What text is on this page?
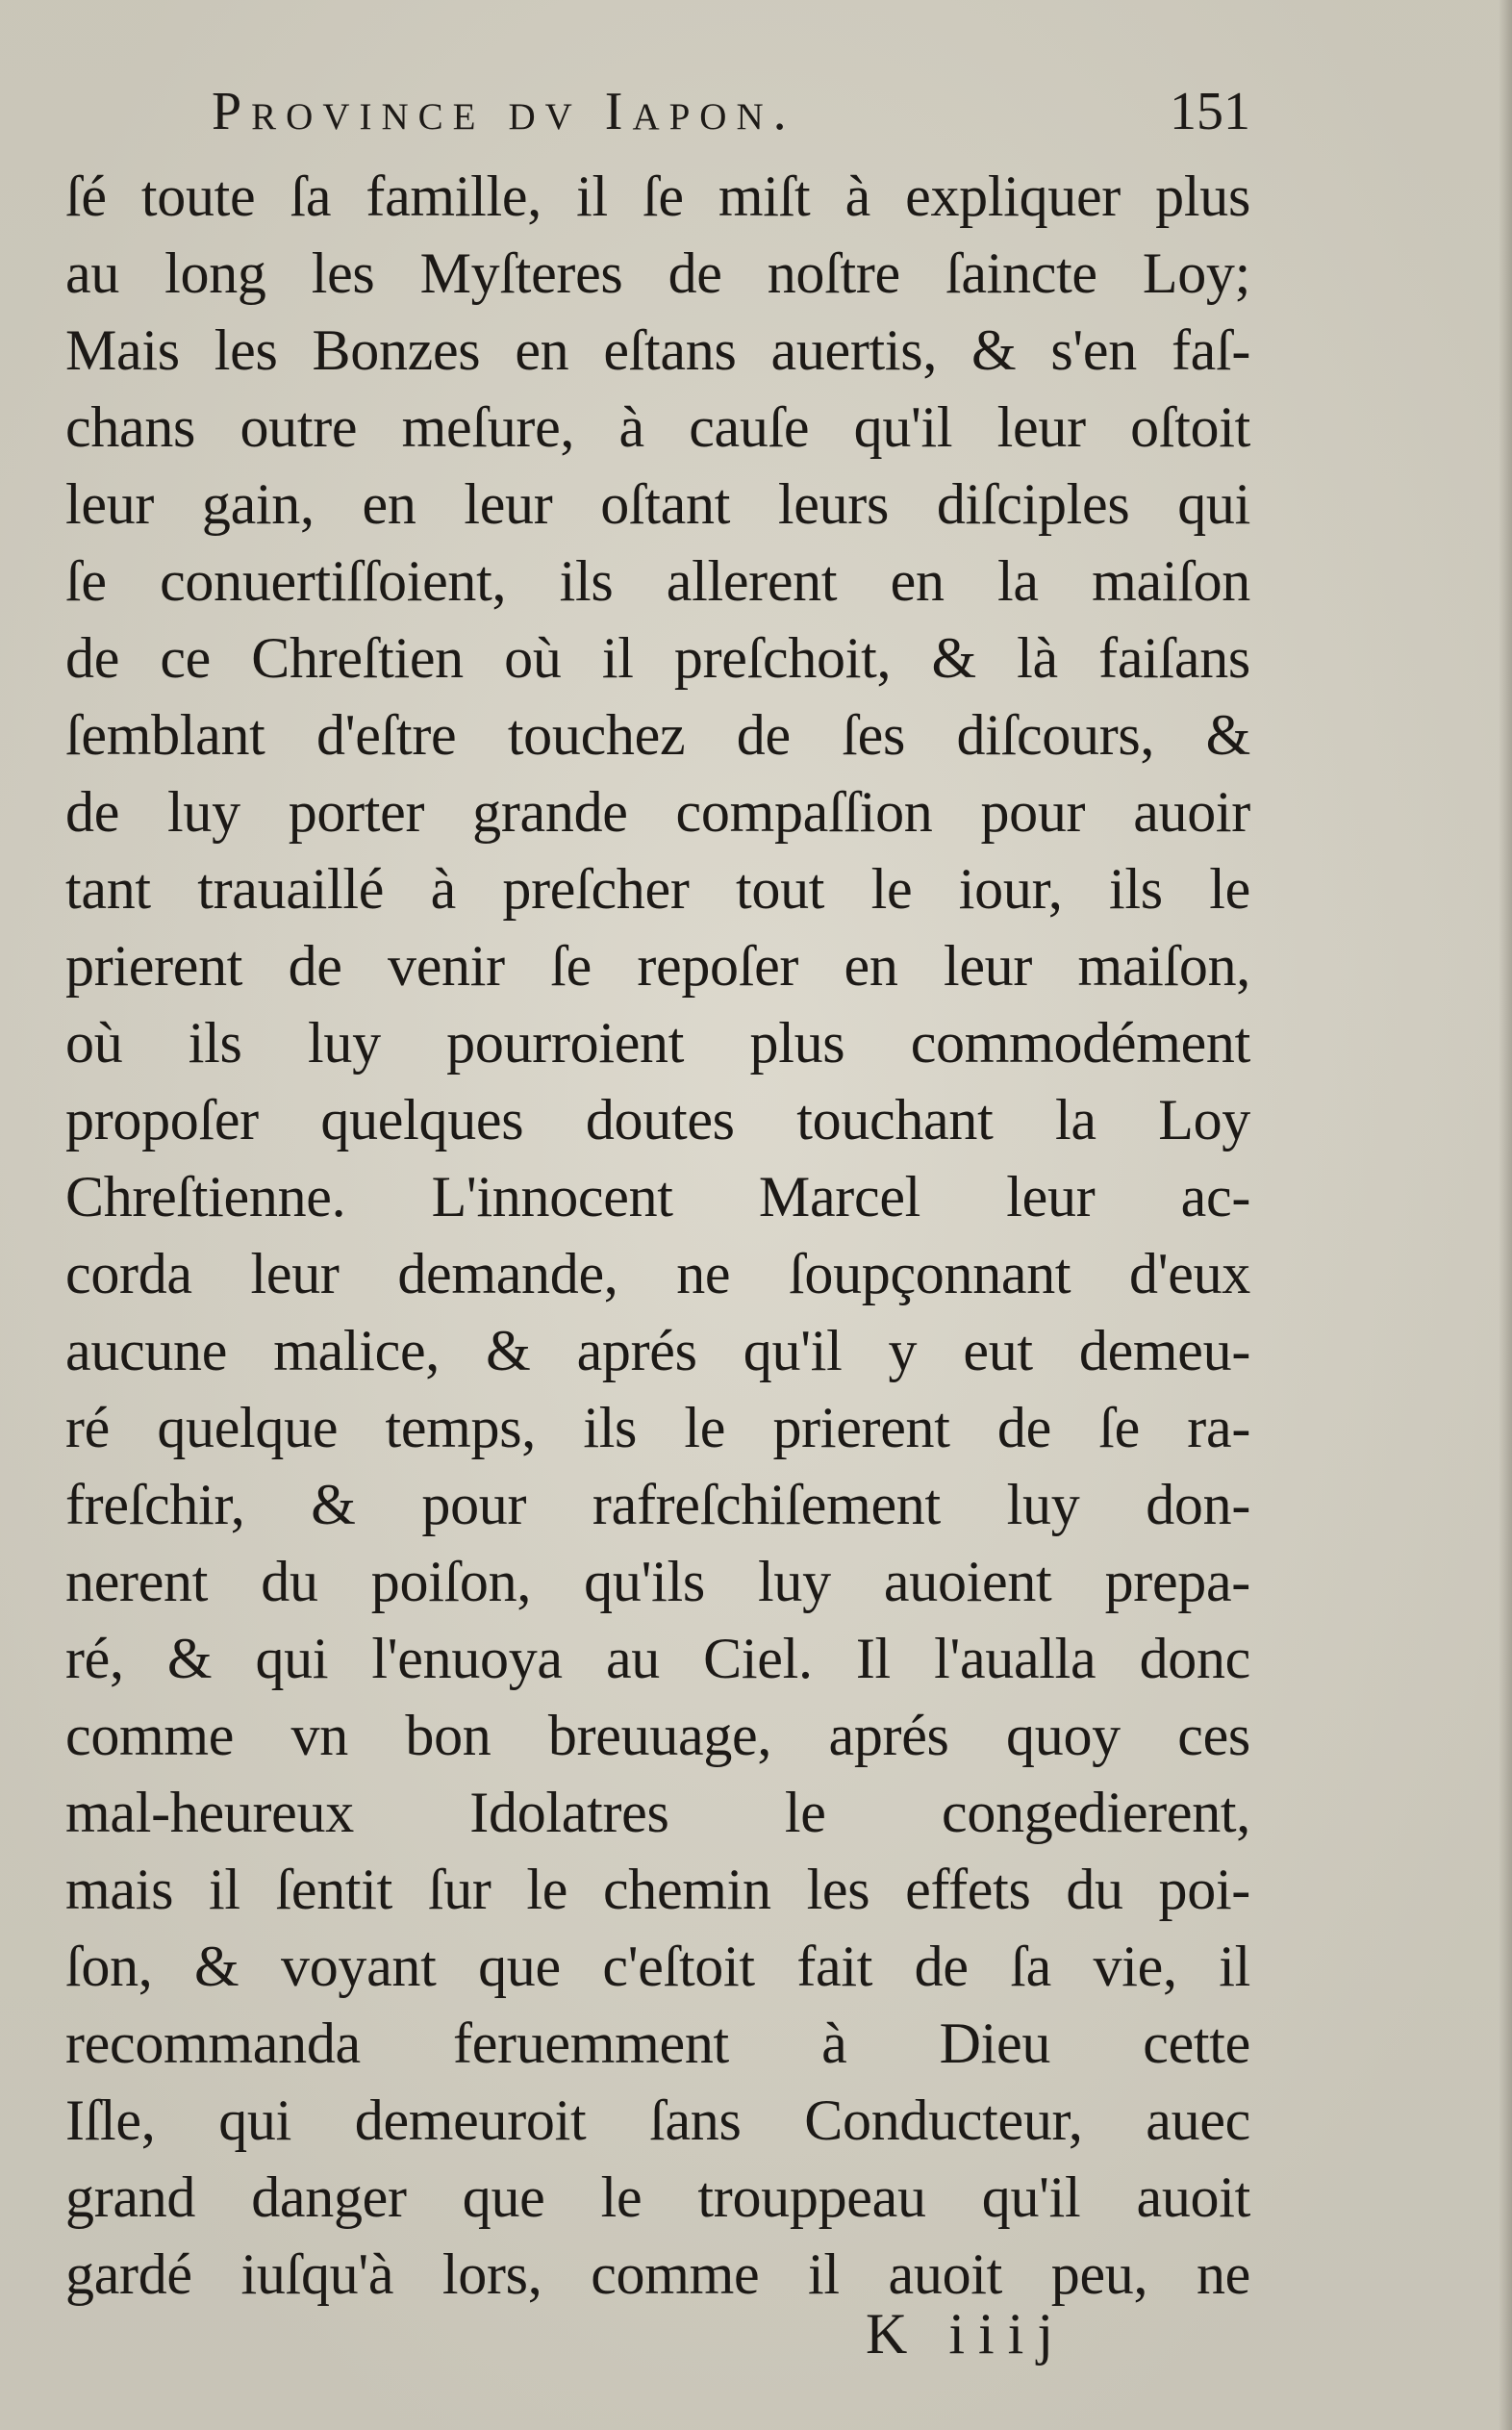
Province dv Iapon.	151
ſé toute ſa famille, il ſe miſt à expliquer plus
au long les Myſteres de noſtre ſaincte Loy;
Mais les Bonzes en eſtans auertis, & s'en faſ-
chans outre meſure, à cauſe qu'il leur oſtoit
leur gain, en leur oſtant leurs diſciples qui
ſe conuertiſſoient, ils allerent en la maiſon
de ce Chreſtien où il preſchoit, & là faiſans
ſemblant d'eſtre touchez de ſes diſcours, &
de luy porter grande compaſſion pour auoir
tant trauaillé à preſcher tout le iour, ils le
prierent de venir ſe repoſer en leur maiſon,
où ils luy pourroient plus commodément
propoſer quelques doutes touchant la Loy
Chreſtienne. L'innocent Marcel leur ac-
corda leur demande, ne ſoupçonnant d'eux
aucune malice, & aprés qu'il y eut demeu-
ré quelque temps, ils le prierent de ſe ra-
freſchir, & pour rafreſchiſement luy don-
nerent du poiſon, qu'ils luy auoient prepa-
ré, & qui l'enuoya au Ciel. Il l'aualla donc
comme vn bon breuuage, aprés quoy ces
mal-heureux Idolatres le congedierent,
mais il ſentit ſur le chemin les effets du poi-
ſon, & voyant que c'eſtoit fait de ſa vie, il
recommanda feruemment à Dieu cette
Iſle, qui demeuroit ſans Conducteur, auec
grand danger que le trouppeau qu'il auoit
gardé iuſqu'à lors, comme il auoit peu, ne
K iiij
